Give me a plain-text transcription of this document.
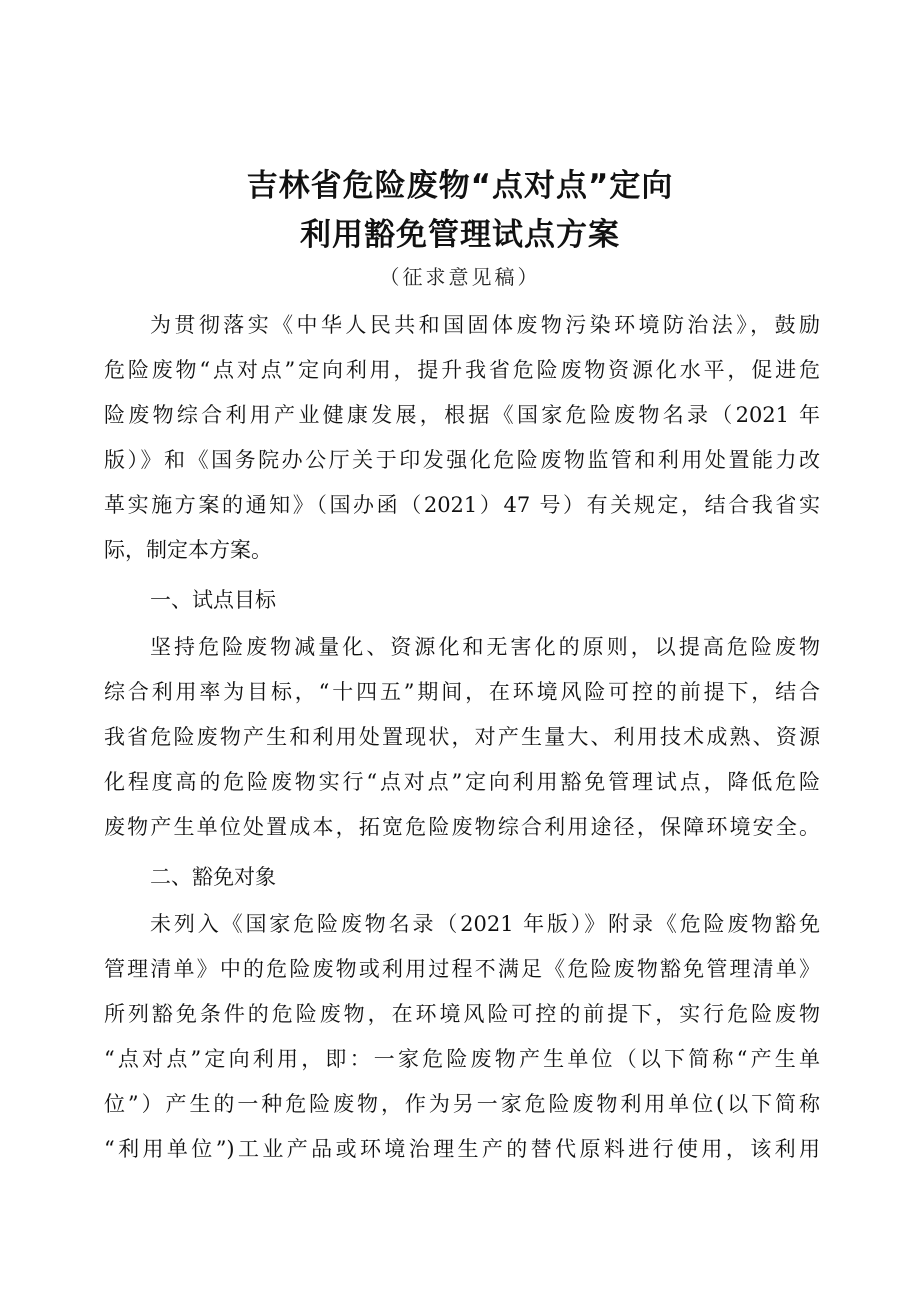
吉林省危险废物“点对点”定向
利用豁免管理试点方案
（征求意见稿）
为贯彻落实《中华人民共和国固体废物污染环境防治法》，鼓励
危险废物“点对点”定向利用，提升我省危险废物资源化水平，促进危
险废物综合利用产业健康发展，根据《国家危险废物名录（2021 年
版）》和《国务院办公厅关于印发强化危险废物监管和利用处置能力改
革实施方案的通知》（国办函（2021）47 号）有关规定，结合我省实
际，制定本方案。
一、试点目标
坚持危险废物减量化、资源化和无害化的原则，以提高危险废物
综合利用率为目标，“十四五”期间，在环境风险可控的前提下，结合
我省危险废物产生和利用处置现状，对产生量大、利用技术成熟、资源
化程度高的危险废物实行“点对点”定向利用豁免管理试点，降低危险
废物产生单位处置成本，拓宽危险废物综合利用途径，保障环境安全。
二、豁免对象
未列入《国家危险废物名录（2021 年版）》附录《危险废物豁免
管理清单》中的危险废物或利用过程不满足《危险废物豁免管理清单》
所列豁免条件的危险废物，在环境风险可控的前提下，实行危险废物
“点对点”定向利用，即：一家危险废物产生单位（以下简称“产生单
位”）产生的一种危险废物，作为另一家危险废物利用单位(以下简称
“利用单位”)工业产品或环境治理生产的替代原料进行使用，该利用
